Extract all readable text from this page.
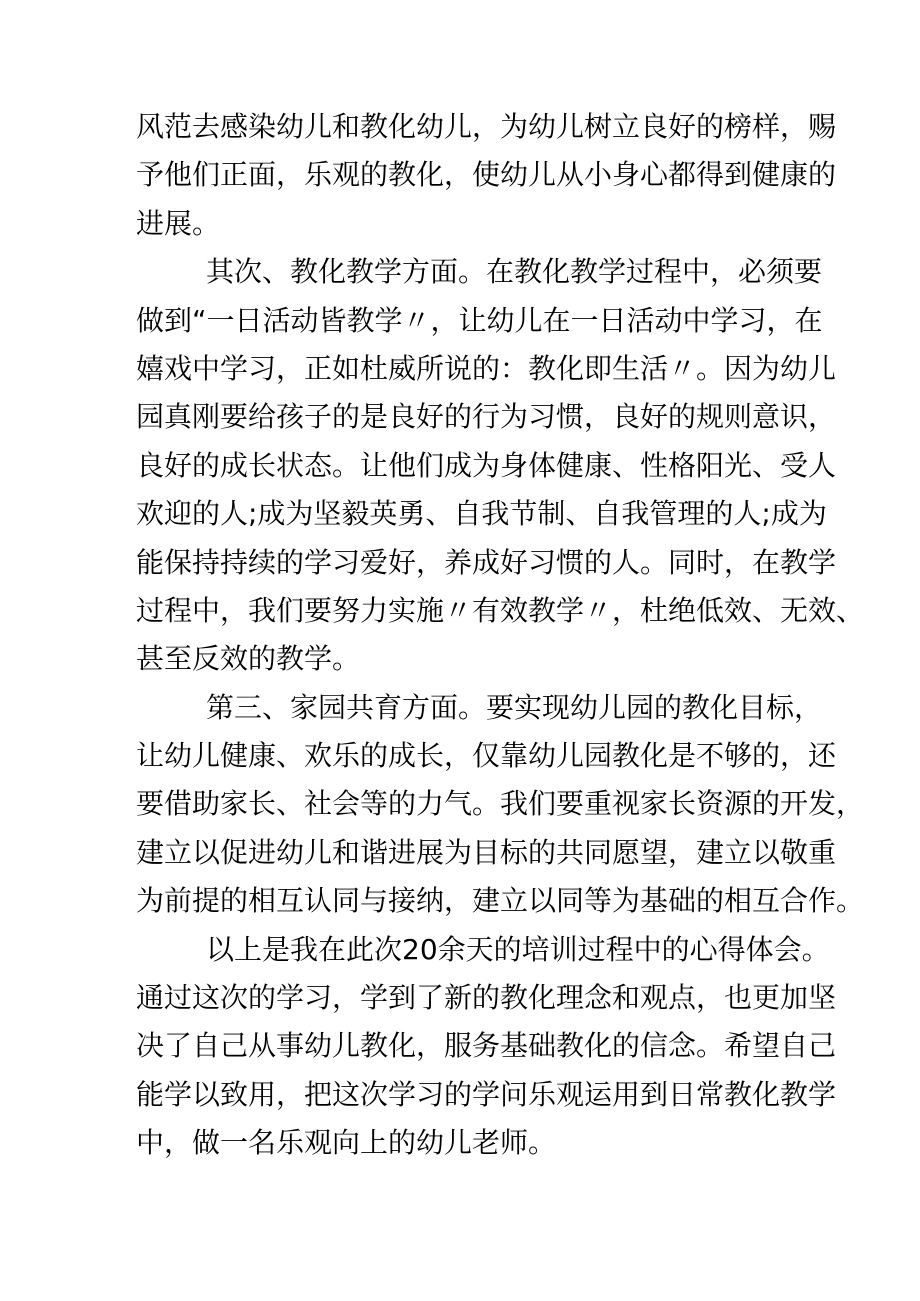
风范去感染幼儿和教化幼儿，为幼儿树立良好的榜样，赐
予他们正面，乐观的教化，使幼儿从小身心都得到健康的
进展。
其次、教化教学方面。在教化教学过程中，必须要
做到“一日活动皆教学〃，让幼儿在一日活动中学习，在
嬉戏中学习，正如杜威所说的：教化即生活〃。因为幼儿
园真刚要给孩子的是良好的行为习惯，良好的规则意识，
良好的成长状态。让他们成为身体健康、性格阳光、受人
欢迎的人;成为坚毅英勇、自我节制、自我管理的人;成为
能保持持续的学习爱好，养成好习惯的人。同时，在教学
过程中，我们要努力实施〃有效教学〃，杜绝低效、无效、
甚至反效的教学。
第三、家园共育方面。要实现幼儿园的教化目标，
让幼儿健康、欢乐的成长，仅靠幼儿园教化是不够的，还
要借助家长、社会等的力气。我们要重视家长资源的开发，
建立以促进幼儿和谐进展为目标的共同愿望，建立以敬重
为前提的相互认同与接纳，建立以同等为基础的相互合作。
以上是我在此次20余天的培训过程中的心得体会。
通过这次的学习，学到了新的教化理念和观点，也更加坚
决了自己从事幼儿教化，服务基础教化的信念。希望自己
能学以致用，把这次学习的学问乐观运用到日常教化教学
中，做一名乐观向上的幼儿老师。
